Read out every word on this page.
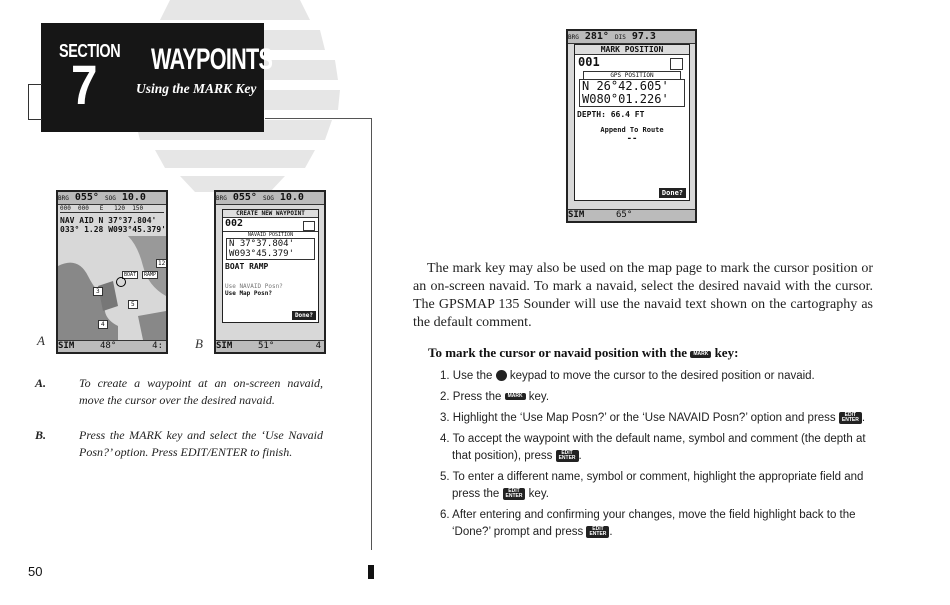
SECTION
7 WAYPOINTS
Using the MARK Key
BRG 055° SOG 10.0
000  000   E   120  150
NAV AID N 37°37.804'
033° 1.28 W093°45.379'
3
5
4
12
BOAT	RAMP
SIM	48°	4:
A
BRG 055° SOG 10.0
CREATE NEW WAYPOINT
002
NAVAID POSITION
N 37°37.804'
W093°45.379'
BOAT RAMP
Use NAVAID Posn?
Use Map Posn?
Done?
SIM	51°	4
B
BRG 281° DIS 97.3
MARK POSITION
001
GPS POSITION
N 26°42.605'
W080°01.226'
DEPTH: 66.4 FT
Append To Route
--
Done?
SIM	65°

A.	To create a waypoint at an on-screen navaid, move the cursor over the desired navaid.

B.	Press the MARK key and select the ‘Use Navaid Posn?’ option. Press EDIT/ENTER to finish.

The mark key may also be used on the map page to mark the cursor position or an on-screen navaid. To mark a navaid, select the desired navaid with the cursor. The GPSMAP 135 Sounder will use the navaid text shown on the cartography as the default comment.

To mark the cursor or navaid position with the MARK key:
1. Use the keypad to move the cursor to the desired position or navaid.
2. Press the MARK key.
3. Highlight the ‘Use Map Posn?’ or the ‘Use NAVAID Posn?’ option and press EDIT
ENTER .
4. To accept the waypoint with the default name, symbol and comment (the depth at that position), press EDIT
ENTER .
5. To enter a different name, symbol or comment, highlight the appropriate field and press the EDIT
ENTER key.
6. After entering and confirming your changes, move the field highlight back to the ‘Done?’ prompt and press EDIT
ENTER .
50
